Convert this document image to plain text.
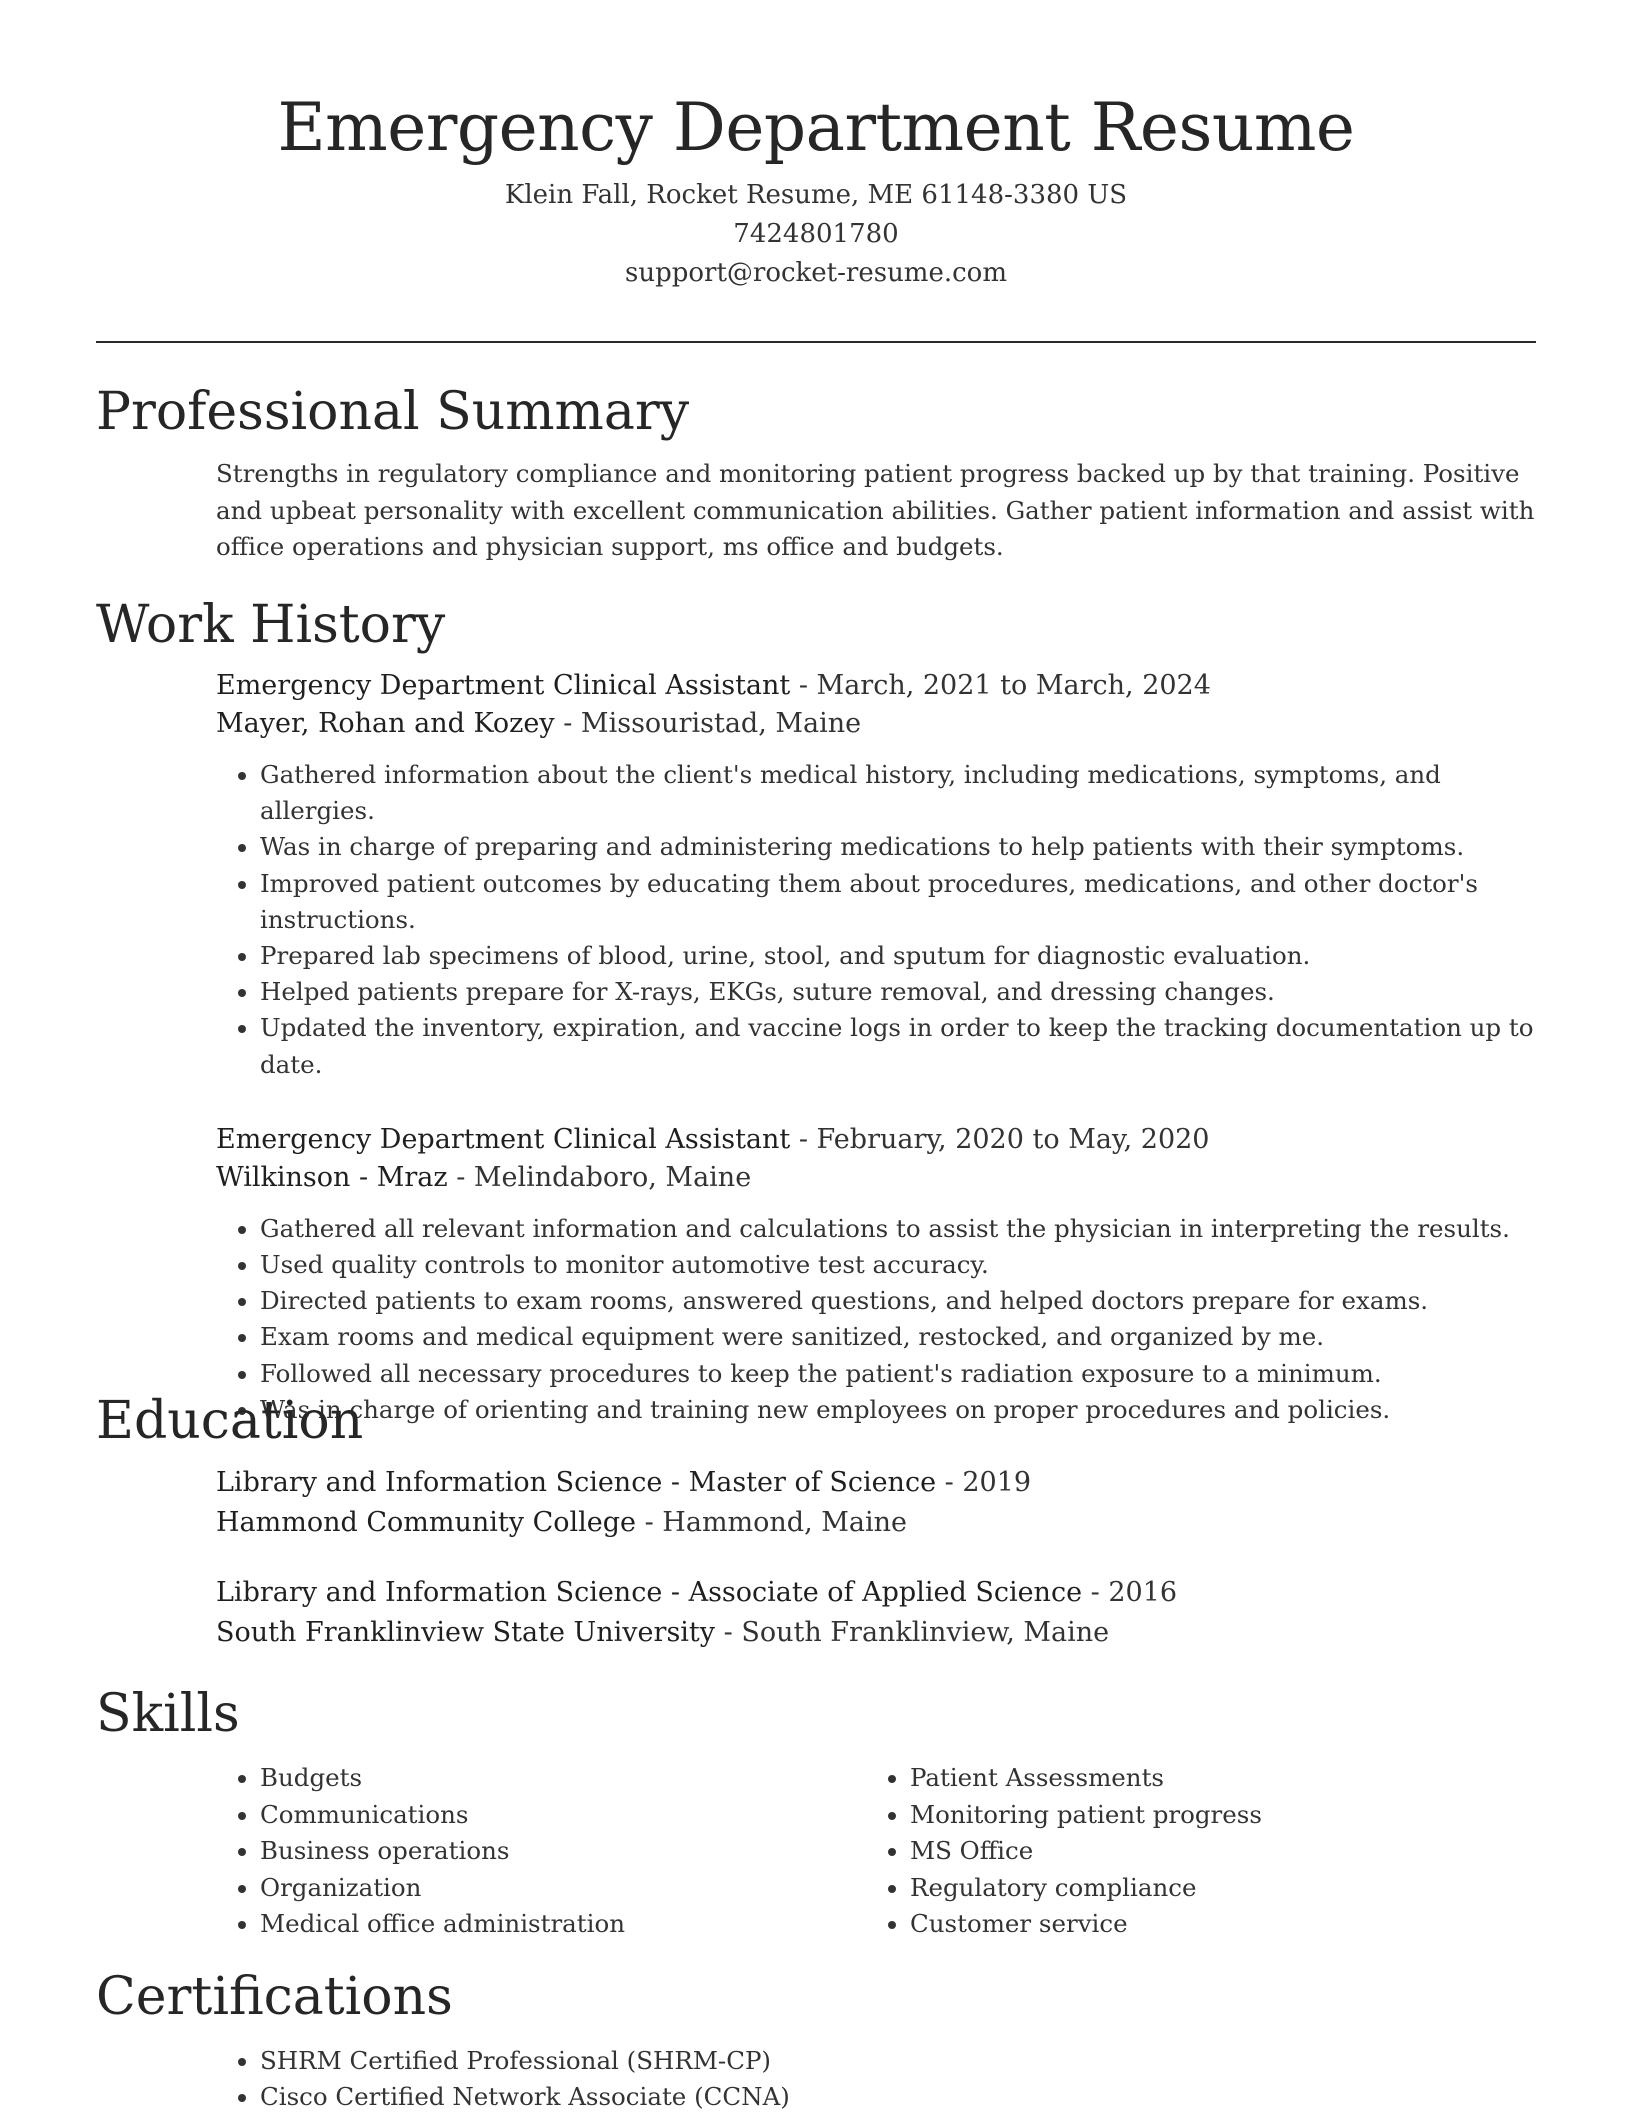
Emergency Department Resume
Klein Fall, Rocket Resume, ME 61148-3380 US
7424801780
support@rocket-resume.com
Professional Summary
Strengths in regulatory compliance and monitoring patient progress backed up by that training. Positive and upbeat personality with excellent communication abilities. Gather patient information and assist with office operations and physician support, ms office and budgets.
Work History
Emergency Department Clinical Assistant - March, 2021 to March, 2024
Mayer, Rohan and Kozey - Missouristad, Maine
• Gathered information about the client's medical history, including medications, symptoms, and allergies.
• Was in charge of preparing and administering medications to help patients with their symptoms.
• Improved patient outcomes by educating them about procedures, medications, and other doctor's instructions.
• Prepared lab specimens of blood, urine, stool, and sputum for diagnostic evaluation.
• Helped patients prepare for X-rays, EKGs, suture removal, and dressing changes.
• Updated the inventory, expiration, and vaccine logs in order to keep the tracking documentation up to date.
Emergency Department Clinical Assistant - February, 2020 to May, 2020
Wilkinson - Mraz - Melindaboro, Maine
• Gathered all relevant information and calculations to assist the physician in interpreting the results.
• Used quality controls to monitor automotive test accuracy.
• Directed patients to exam rooms, answered questions, and helped doctors prepare for exams.
• Exam rooms and medical equipment were sanitized, restocked, and organized by me.
• Followed all necessary procedures to keep the patient's radiation exposure to a minimum.
• Was in charge of orienting and training new employees on proper procedures and policies.
Education
Library and Information Science - Master of Science - 2019
Hammond Community College - Hammond, Maine
Library and Information Science - Associate of Applied Science - 2016
South Franklinview State University - South Franklinview, Maine
Skills
• Budgets
• Communications
• Business operations
• Organization
• Medical office administration
• Patient Assessments
• Monitoring patient progress
• MS Office
• Regulatory compliance
• Customer service
Certifications
• SHRM Certified Professional (SHRM-CP)
• Cisco Certified Network Associate (CCNA)
